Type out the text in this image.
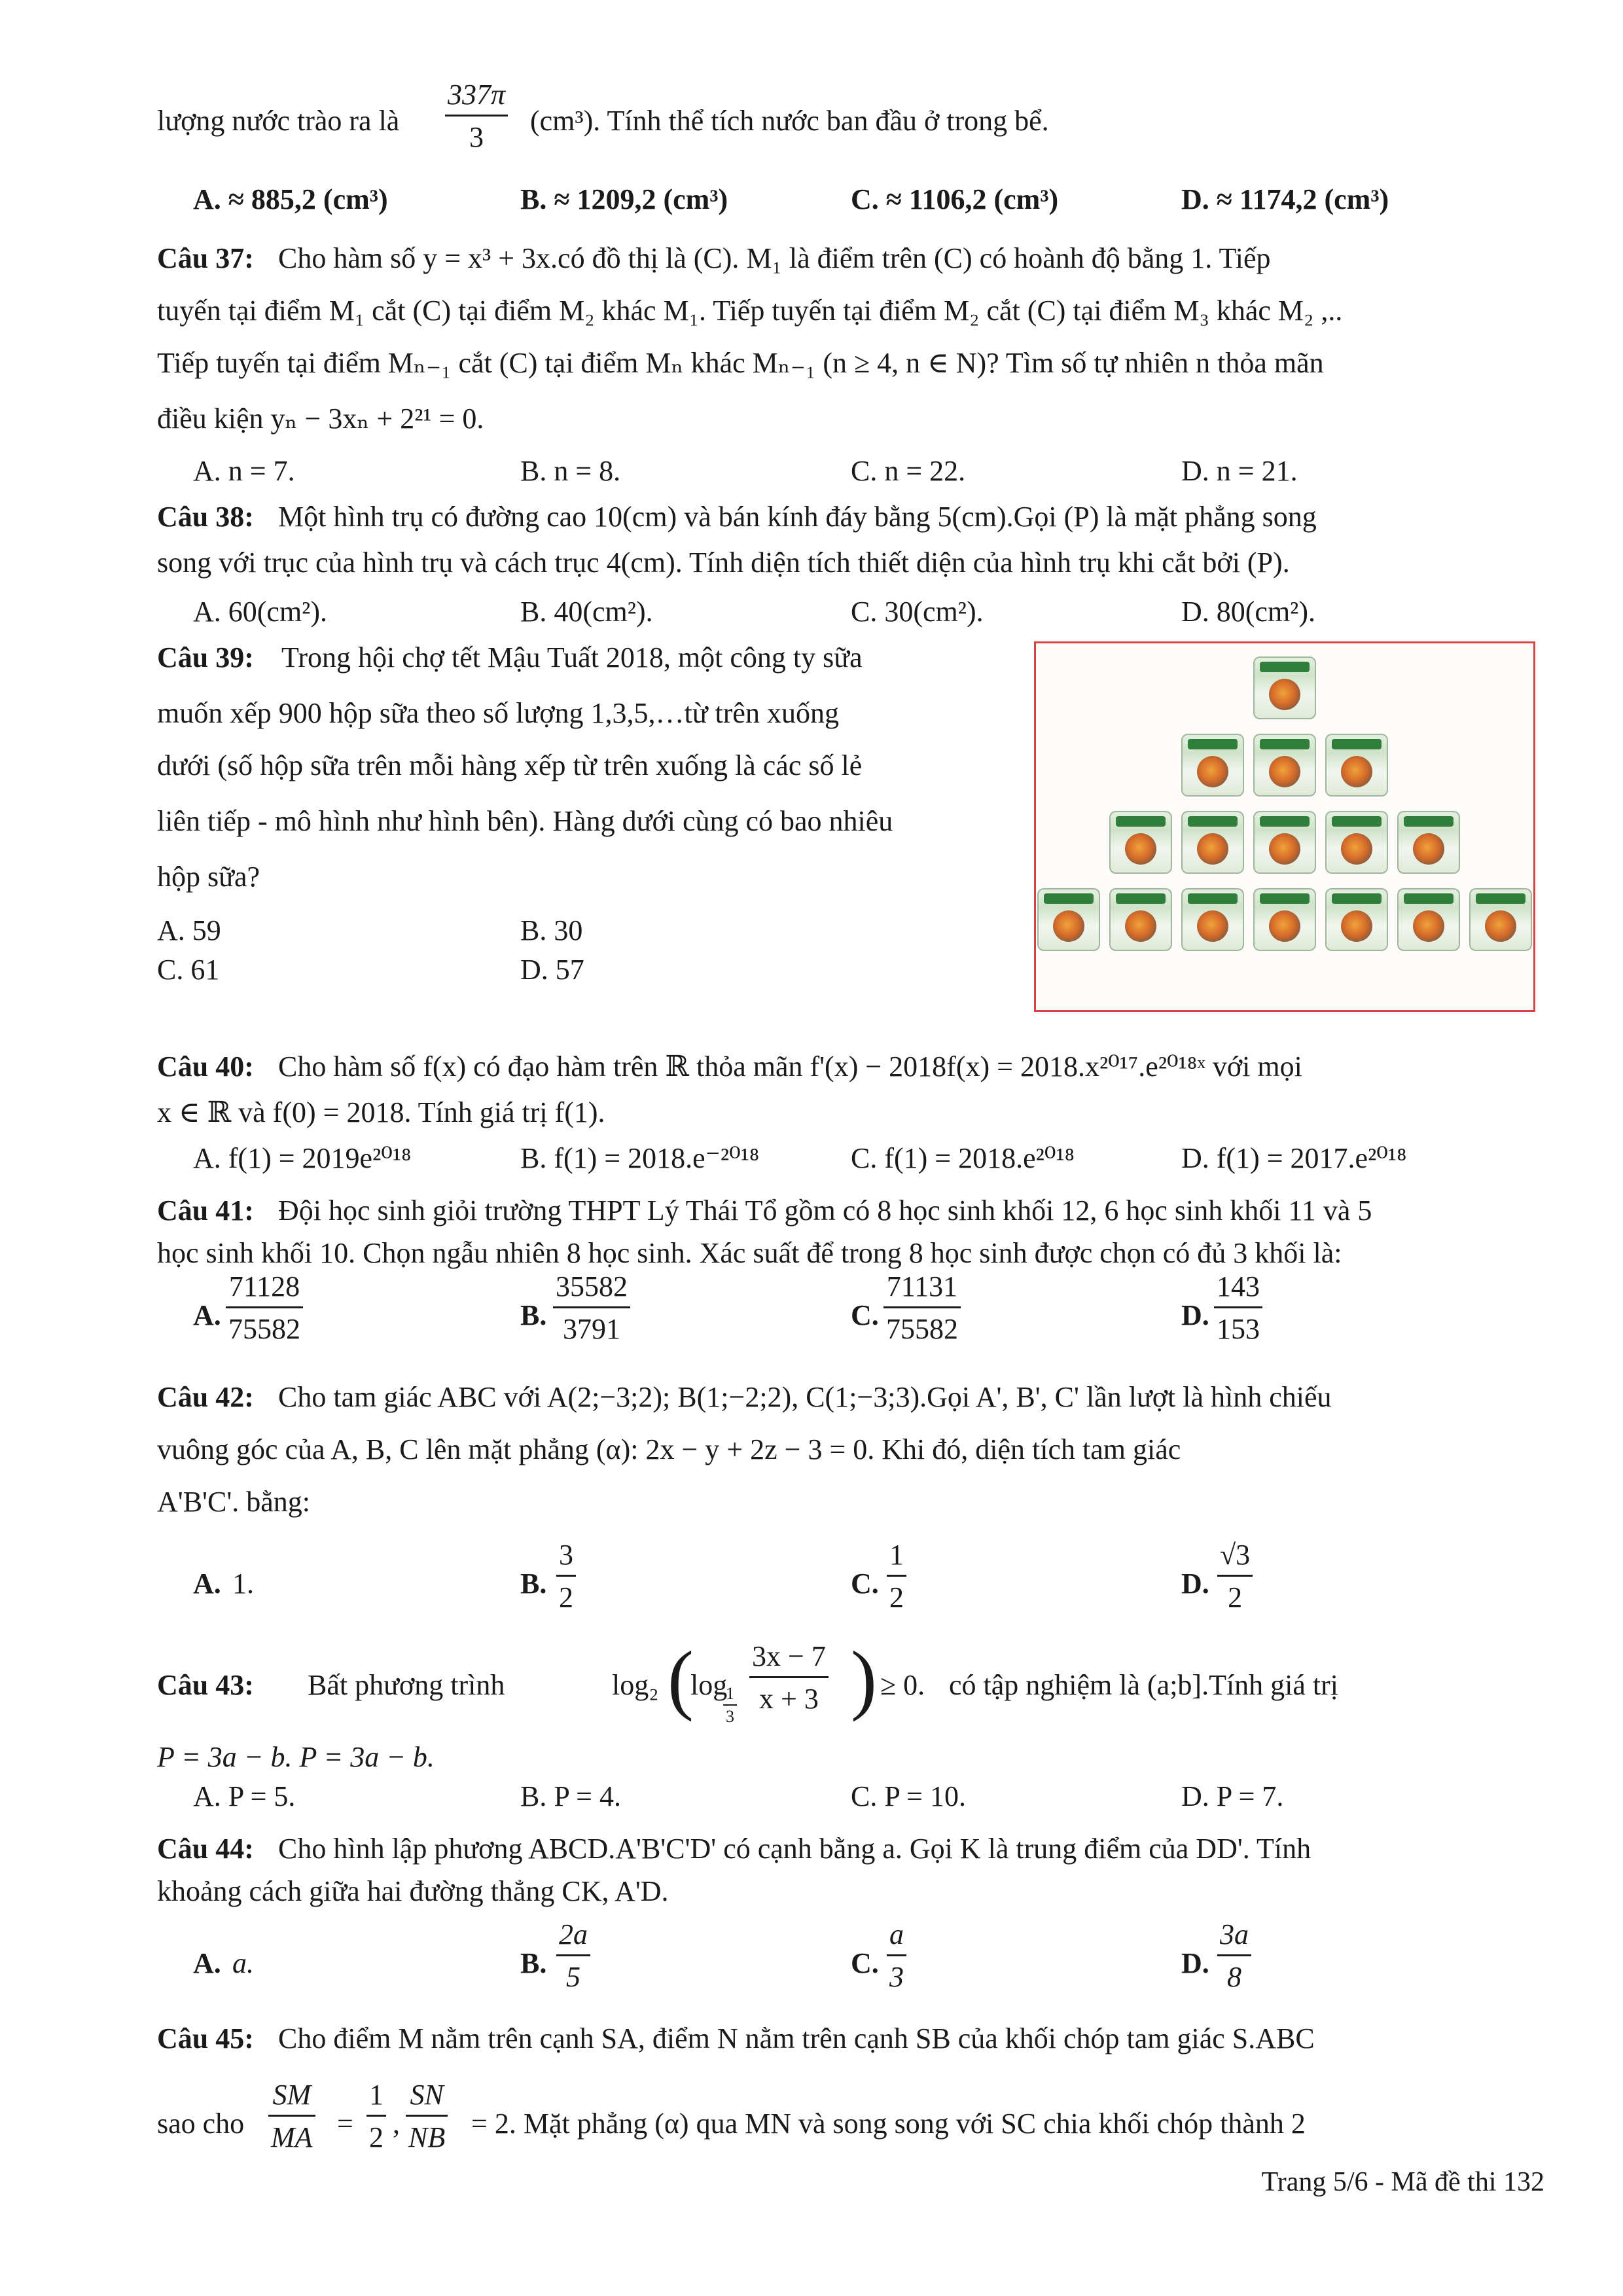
lượng nước trào ra là $\frac{337\pi}{3} (cm^3)$. Tính thể tích nước ban đầu ở trong bể.
A. ≈ 885,2 (cm³)	B. ≈ 1209,2 (cm³)	C. ≈ 1106,2 (cm³)	D. ≈ 1174,2 (cm³)
Câu 37: Cho hàm số y = x³ + 3x.có đồ thị là (C). M₁ là điểm trên (C) có hoành độ bằng 1. Tiếp
tuyến tại điểm M₁ cắt (C) tại điểm M₂ khác M₁. Tiếp tuyến tại điểm M₂ cắt (C) tại điểm M₃ khác M₂ ,..
Tiếp tuyến tại điểm Mₙ₋₁ cắt (C) tại điểm Mₙ khác Mₙ₋₁ (n ≥ 4, n ∈ N)? Tìm số tự nhiên n thỏa mãn
điều kiện yₙ − 3xₙ + 2²¹ = 0.
A. n = 7.	B. n = 8.	C. n = 22.	D. n = 21.
Câu 38: Một hình trụ có đường cao 10(cm) và bán kính đáy bằng 5(cm).Gọi (P) là mặt phẳng song
song với trục của hình trụ và cách trục 4(cm). Tính diện tích thiết diện của hình trụ khi cắt bởi (P).
A. 60(cm²).	B. 40(cm²).	C. 30(cm²).	D. 80(cm²).
Câu 39: Trong hội chợ tết Mậu Tuất 2018, một công ty sữa
muốn xếp 900 hộp sữa theo số lượng 1,3,5,…từ trên xuống
dưới (số hộp sữa trên mỗi hàng xếp từ trên xuống là các số lẻ
liên tiếp - mô hình như hình bên). Hàng dưới cùng có bao nhiêu
hộp sữa?
A. 59	B. 30
C. 61	D. 57
Câu 40: Cho hàm số f(x) có đạo hàm trên ℝ thỏa mãn f'(x) − 2018f(x) = 2018.x²⁰¹⁷.e²⁰¹⁸ˣ với mọi
x ∈ ℝ và f(0) = 2018. Tính giá trị f(1).
A. f(1) = 2019e²⁰¹⁸	B. f(1) = 2018.e⁻²⁰¹⁸	C. f(1) = 2018.e²⁰¹⁸	D. f(1) = 2017.e²⁰¹⁸
Câu 41: Đội học sinh giỏi trường THPT Lý Thái Tổ gồm có 8 học sinh khối 12, 6 học sinh khối 11 và 5
học sinh khối 10. Chọn ngẫu nhiên 8 học sinh. Xác suất để trong 8 học sinh được chọn có đủ 3 khối là:
A. $\frac{71128}{75582}$	B. $\frac{35582}{3791}$	C. $\frac{71131}{75582}$	D. $\frac{143}{153}$
Câu 42: Cho tam giác ABC với A(2;−3;2); B(1;−2;2), C(1;−3;3).Gọi A', B', C' lần lượt là hình chiếu
vuông góc của A, B, C lên mặt phẳng (α): 2x − y + 2z − 3 = 0. Khi đó, diện tích tam giác
A'B'C'. bằng:
A. 1.	B. $\frac{3}{2}$	C. $\frac{1}{2}$	D. $\frac{√3}{2}$
Câu 43: Bất phương trình	log₂ (
log
$\frac{1}{3} \frac{3x - 7}{x + 3}$ ) ≥ 0. có tập nghiệm là (a;b].Tính giá trị
P = 3a − b. P = 3a − b.
A. P = 5.	B. P = 4.	C. P = 10.	D. P = 7.
Câu 44: Cho hình lập phương ABCD.A'B'C'D' có cạnh bằng a. Gọi K là trung điểm của DD'. Tính
khoảng cách giữa hai đường thẳng CK, A'D.
A. a.	B. $\frac{2a}{5}$	C. $\frac{a}{3}$	D. $\frac{3a}{8}$
Câu 45: Cho điểm M nằm trên cạnh SA, điểm N nằm trên cạnh SB của khối chóp tam giác S.ABC
sao cho $\frac{SM}{MA} = \frac{1}{2}$ , $\frac{SN}{NB} = 2$. Mặt phẳng (α) qua MN và song song với SC chia khối chóp thành 2
Trang 5/6 - Mã đề thi 132
